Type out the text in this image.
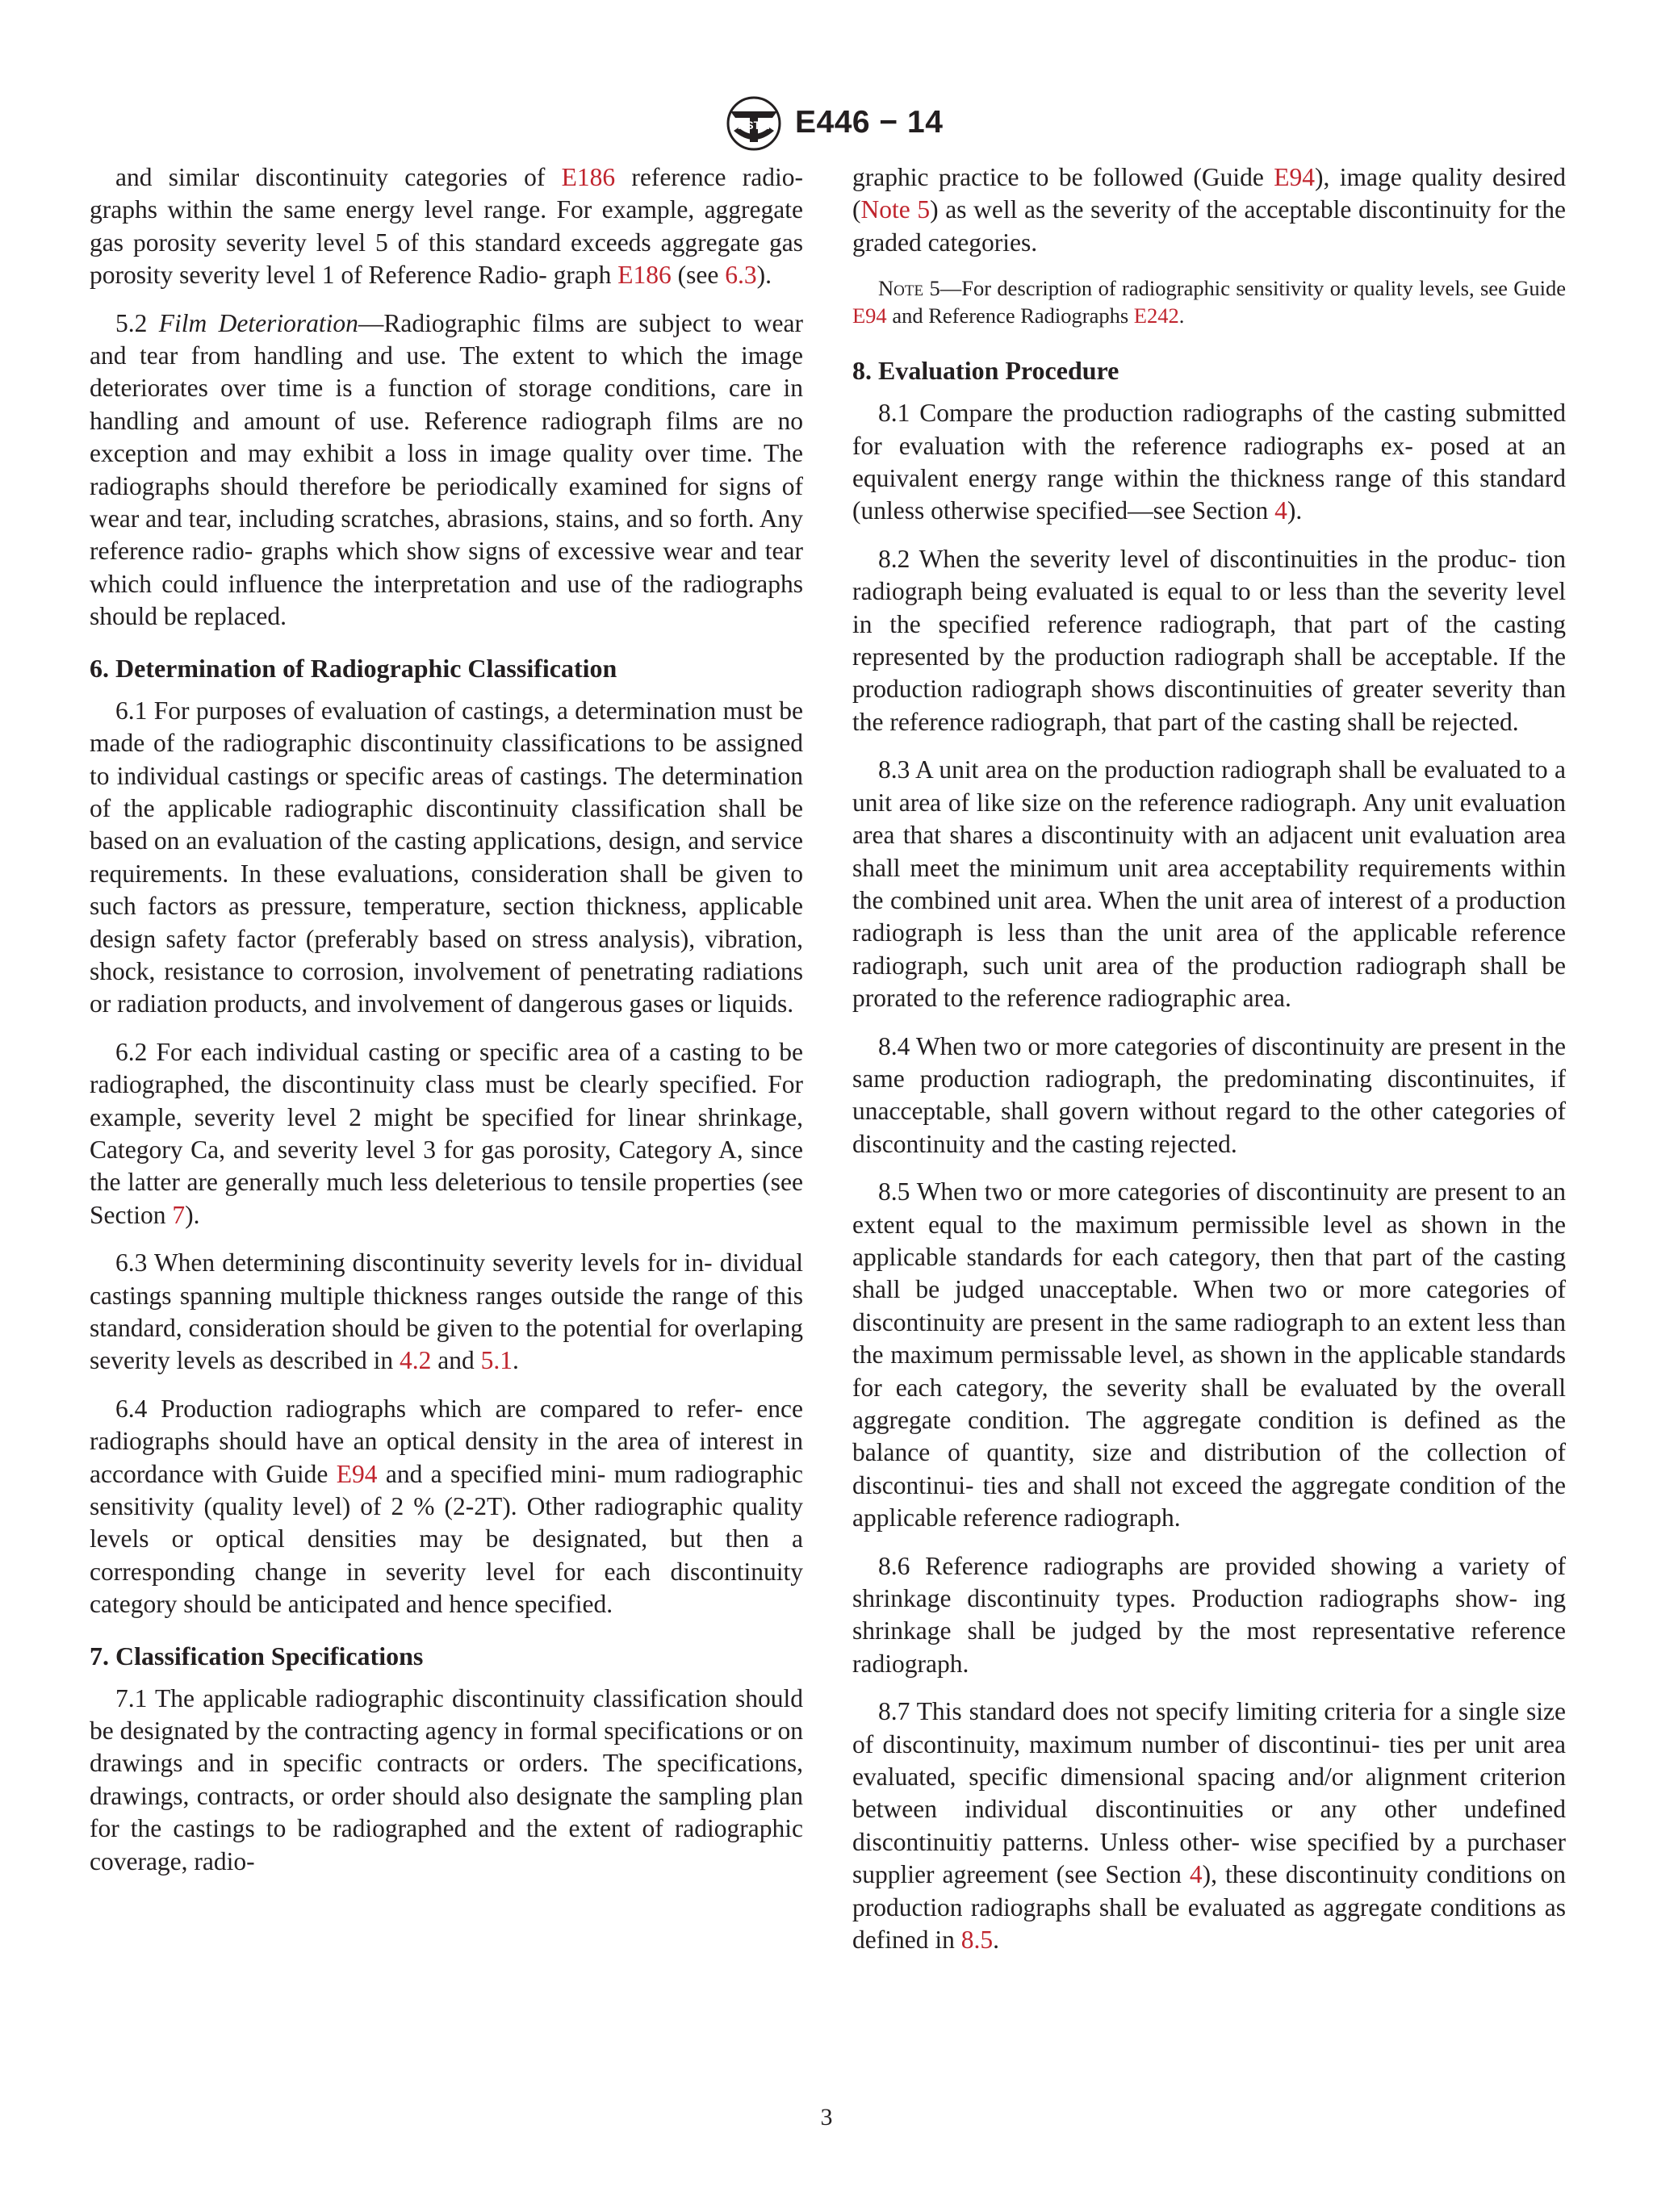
ASTM E446 − 14

and similar discontinuity categories of E186 reference radio- graphs within the same energy level range. For example, aggregate gas porosity severity level 5 of this standard exceeds aggregate gas porosity severity level 1 of Reference Radio- graph E186 (see 6.3).

5.2 Film Deterioration—Radiographic films are subject to wear and tear from handling and use. The extent to which the image deteriorates over time is a function of storage conditions, care in handling and amount of use. Reference radiograph films are no exception and may exhibit a loss in image quality over time. The radiographs should therefore be periodically examined for signs of wear and tear, including scratches, abrasions, stains, and so forth. Any reference radio- graphs which show signs of excessive wear and tear which could influence the interpretation and use of the radiographs should be replaced.

6. Determination of Radiographic Classification

6.1 For purposes of evaluation of castings, a determination must be made of the radiographic discontinuity classifications to be assigned to individual castings or specific areas of castings. The determination of the applicable radiographic discontinuity classification shall be based on an evaluation of the casting applications, design, and service requirements. In these evaluations, consideration shall be given to such factors as pressure, temperature, section thickness, applicable design safety factor (preferably based on stress analysis), vibration, shock, resistance to corrosion, involvement of penetrating radiations or radiation products, and involvement of dangerous gases or liquids.

6.2 For each individual casting or specific area of a casting to be radiographed, the discontinuity class must be clearly specified. For example, severity level 2 might be specified for linear shrinkage, Category Ca, and severity level 3 for gas porosity, Category A, since the latter are generally much less deleterious to tensile properties (see Section 7).

6.3 When determining discontinuity severity levels for in- dividual castings spanning multiple thickness ranges outside the range of this standard, consideration should be given to the potential for overlaping severity levels as described in 4.2 and 5.1.

6.4 Production radiographs which are compared to refer- ence radiographs should have an optical density in the area of interest in accordance with Guide E94 and a specified mini- mum radiographic sensitivity (quality level) of 2 % (2-2T). Other radiographic quality levels or optical densities may be designated, but then a corresponding change in severity level for each discontinuity category should be anticipated and hence specified.

7. Classification Specifications

7.1 The applicable radiographic discontinuity classification should be designated by the contracting agency in formal specifications or on drawings and in specific contracts or orders. The specifications, drawings, contracts, or order should also designate the sampling plan for the castings to be radiographed and the extent of radiographic coverage, radio-

graphic practice to be followed (Guide E94), image quality desired (Note 5) as well as the severity of the acceptable discontinuity for the graded categories.

Note 5—For description of radiographic sensitivity or quality levels, see Guide E94 and Reference Radiographs E242.

8. Evaluation Procedure

8.1 Compare the production radiographs of the casting submitted for evaluation with the reference radiographs ex- posed at an equivalent energy range within the thickness range of this standard (unless otherwise specified—see Section 4).

8.2 When the severity level of discontinuities in the produc- tion radiograph being evaluated is equal to or less than the severity level in the specified reference radiograph, that part of the casting represented by the production radiograph shall be acceptable. If the production radiograph shows discontinuities of greater severity than the reference radiograph, that part of the casting shall be rejected.

8.3 A unit area on the production radiograph shall be evaluated to a unit area of like size on the reference radiograph. Any unit evaluation area that shares a discontinuity with an adjacent unit evaluation area shall meet the minimum unit area acceptability requirements within the combined unit area. When the unit area of interest of a production radiograph is less than the unit area of the applicable reference radiograph, such unit area of the production radiograph shall be prorated to the reference radiographic area.

8.4 When two or more categories of discontinuity are present in the same production radiograph, the predominating discontinuites, if unacceptable, shall govern without regard to the other categories of discontinuity and the casting rejected.

8.5 When two or more categories of discontinuity are present to an extent equal to the maximum permissible level as shown in the applicable standards for each category, then that part of the casting shall be judged unacceptable. When two or more categories of discontinuity are present in the same radiograph to an extent less than the maximum permissable level, as shown in the applicable standards for each category, the severity shall be evaluated by the overall aggregate condition. The aggregate condition is defined as the balance of quantity, size and distribution of the collection of discontinui- ties and shall not exceed the aggregate condition of the applicable reference radiograph.

8.6 Reference radiographs are provided showing a variety of shrinkage discontinuity types. Production radiographs show- ing shrinkage shall be judged by the most representative reference radiograph.

8.7 This standard does not specify limiting criteria for a single size of discontinuity, maximum number of discontinui- ties per unit area evaluated, specific dimensional spacing and/or alignment criterion between individual discontinuities or any other undefined discontinuitiy patterns. Unless other- wise specified by a purchaser supplier agreement (see Section 4), these discontinuity conditions on production radiographs shall be evaluated as aggregate conditions as defined in 8.5.

3
